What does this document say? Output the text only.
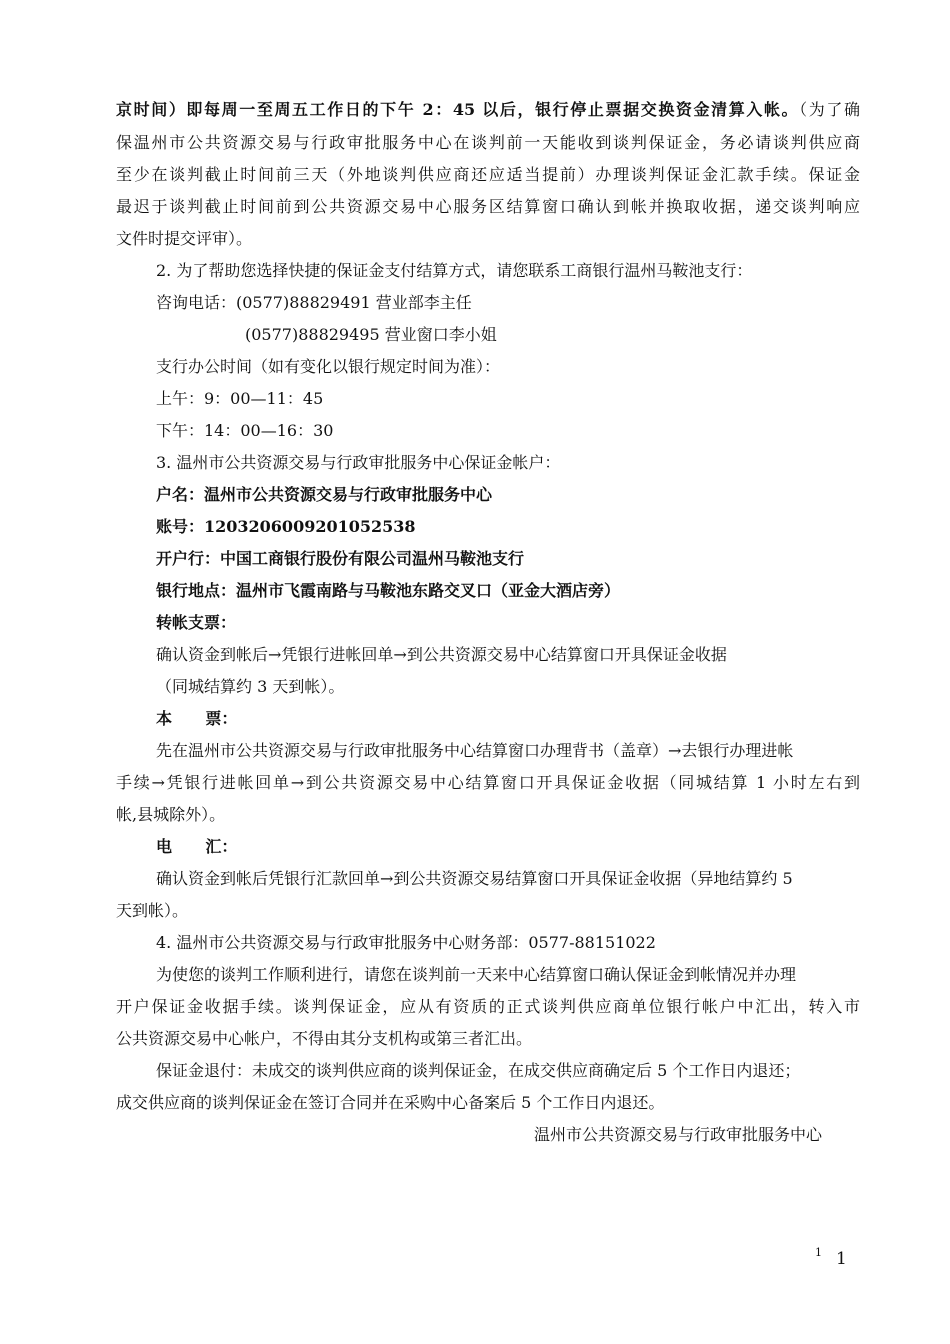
京时间）即每周一至周五工作日的下午 2：45 以后，银行停止票据交换资金清算入帐。（为了确
保温州市公共资源交易与行政审批服务中心在谈判前一天能收到谈判保证金，务必请谈判供应商
至少在谈判截止时间前三天（外地谈判供应商还应适当提前）办理谈判保证金汇款手续。保证金
最迟于谈判截止时间前到公共资源交易中心服务区结算窗口确认到帐并换取收据，递交谈判响应
文件时提交评审）。
2. 为了帮助您选择快捷的保证金支付结算方式，请您联系工商银行温州马鞍池支行：
咨询电话：(0577)88829491 营业部李主任
(0577)88829495 营业窗口李小姐
支行办公时间（如有变化以银行规定时间为准）：
上午：9：00—11：45
下午：14：00—16：30
3. 温州市公共资源交易与行政审批服务中心保证金帐户：
户名：温州市公共资源交易与行政审批服务中心
账号：1203206009201052538
开户行：中国工商银行股份有限公司温州马鞍池支行
银行地点：温州市飞霞南路与马鞍池东路交叉口（亚金大酒店旁）
转帐支票：
确认资金到帐后→凭银行进帐回单→到公共资源交易中心结算窗口开具保证金收据
（同城结算约 3 天到帐）。
本      票：
先在温州市公共资源交易与行政审批服务中心结算窗口办理背书（盖章）→去银行办理进帐
手续→凭银行进帐回单→到公共资源交易中心结算窗口开具保证金收据（同城结算 1 小时左右到
帐,县城除外）。
电      汇：
确认资金到帐后凭银行汇款回单→到公共资源交易结算窗口开具保证金收据（异地结算约 5
天到帐）。
4. 温州市公共资源交易与行政审批服务中心财务部：0577-88151022
为使您的谈判工作顺利进行，请您在谈判前一天来中心结算窗口确认保证金到帐情况并办理
开户保证金收据手续。谈判保证金，应从有资质的正式谈判供应商单位银行帐户中汇出，转入市
公共资源交易中心帐户，不得由其分支机构或第三者汇出。
保证金退付：未成交的谈判供应商的谈判保证金，在成交供应商确定后 5 个工作日内退还；
成交供应商的谈判保证金在签订合同并在采购中心备案后 5 个工作日内退还。
温州市公共资源交易与行政审批服务中心
1 1
